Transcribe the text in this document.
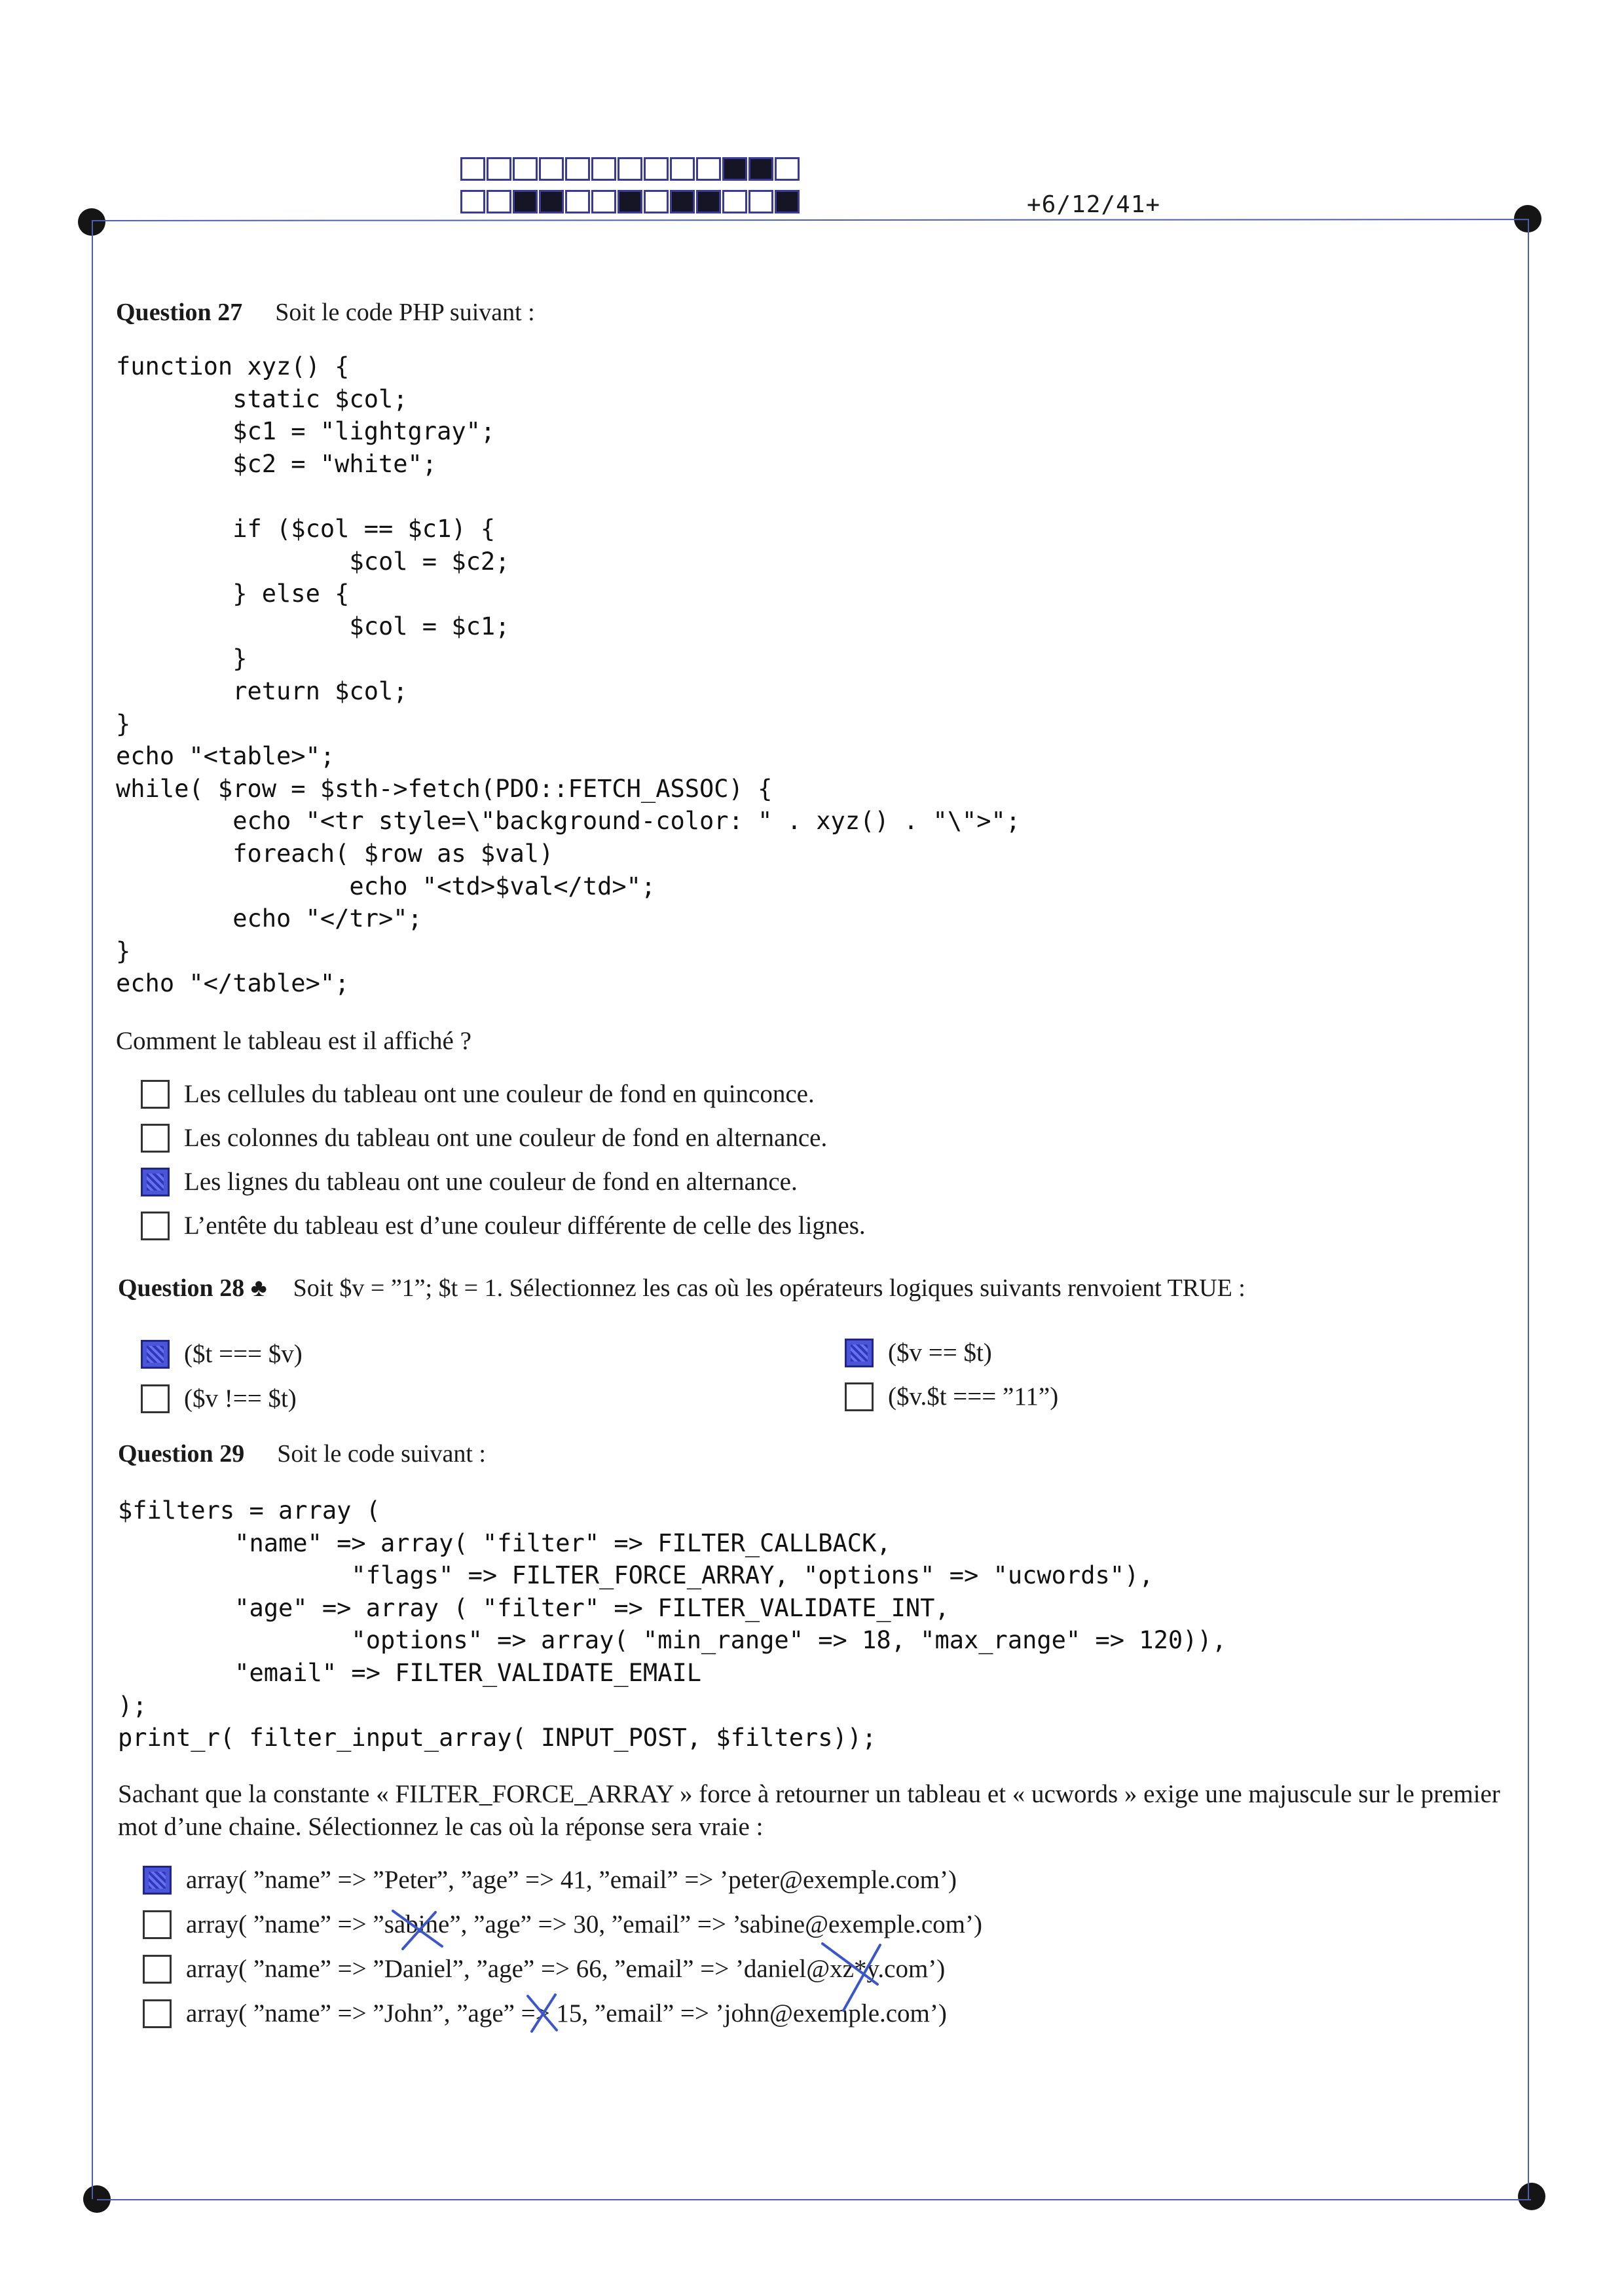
+6/12/41+
Question 27 Soit le code PHP suivant :
function xyz() {
static $col;
$c1 = "lightgray";
$c2 = "white";

if ($col == $c1) {
$col = $c2;
} else {
$col = $c1;
}
return $col;
}
echo "<table>";
while( $row = $sth->fetch(PDO::FETCH_ASSOC) {
echo "<tr style=\"background-color: " . xyz() . "\">";
foreach( $row as $val)
echo "<td>$val</td>";
echo "</tr>";
}
echo "</table>";
Comment le tableau est il affiché ?
Les cellules du tableau ont une couleur de fond en quinconce.
Les colonnes du tableau ont une couleur de fond en alternance.
Les lignes du tableau ont une couleur de fond en alternance.
L’entête du tableau est d’une couleur différente de celle des lignes.
Question 28 ♣ Soit $v = ”1”; $t = 1. Sélectionnez les cas où les opérateurs logiques suivants renvoient TRUE :
($t === $v)
($v !== $t)
($v == $t)
($v.$t === ”11”)
Question 29 Soit le code suivant :
$filters = array (
"name" => array( "filter" => FILTER_CALLBACK,
"flags" => FILTER_FORCE_ARRAY, "options" => "ucwords"),
"age" => array ( "filter" => FILTER_VALIDATE_INT,
"options" => array( "min_range" => 18, "max_range" => 120)),
"email" => FILTER_VALIDATE_EMAIL
);
print_r( filter_input_array( INPUT_POST, $filters));
Sachant que la constante « FILTER_FORCE_ARRAY » force à retourner un tableau et « ucwords » exige une majuscule sur le premier mot d’une chaine. Sélectionnez le cas où la réponse sera vraie :
array( ”name” => ”Peter”, ”age” => 41, ”email” => ’peter@exemple.com’)
array( ”name” => ”sabine”, ”age” => 30, ”email” => ’sabine@exemple.com’)
array( ”name” => ”Daniel”, ”age” => 66, ”email” => ’daniel@xz*y.com’)
array( ”name” => ”John”, ”age” => 15, ”email” => ’john@exemple.com’)
